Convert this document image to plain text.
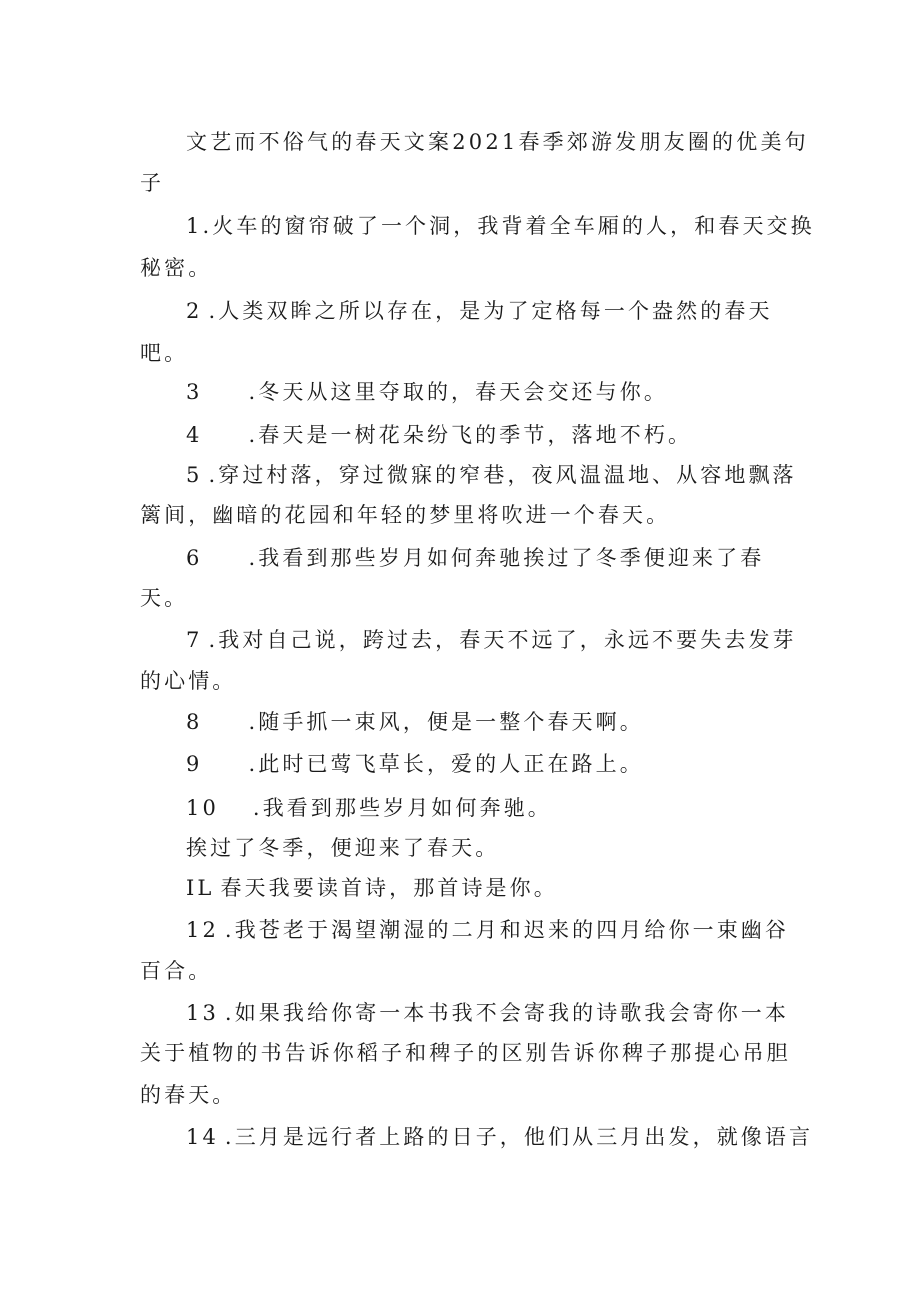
文艺而不俗气的春天文案2021春季郊游发朋友圈的优美句

子

1.火车的窗帘破了一个洞，我背着全车厢的人，和春天交换

秘密。

2 .人类双眸之所以存在，是为了定格每一个盎然的春天

吧。

3 .冬天从这里夺取的，春天会交还与你。

4 .春天是一树花朵纷飞的季节，落地不朽。

5 .穿过村落，穿过微寐的窄巷，夜风温温地、从容地飘落

篱间，幽暗的花园和年轻的梦里将吹进一个春天。

6 .我看到那些岁月如何奔驰挨过了冬季便迎来了春

天。

7 .我对自己说，跨过去，春天不远了，永远不要失去发芽

的心情。

8 .随手抓一束风，便是一整个春天啊。

9 .此时已莺飞草长，爱的人正在路上。

10 .我看到那些岁月如何奔驰。

挨过了冬季，便迎来了春天。

IL 春天我要读首诗，那首诗是你。

12 .我苍老于渴望潮湿的二月和迟来的四月给你一束幽谷

百合。

13 .如果我给你寄一本书我不会寄我的诗歌我会寄你一本

关于植物的书告诉你稻子和稗子的区别告诉你稗子那提心吊胆

的春天。

14 .三月是远行者上路的日子，他们从三月出发，就像语言
